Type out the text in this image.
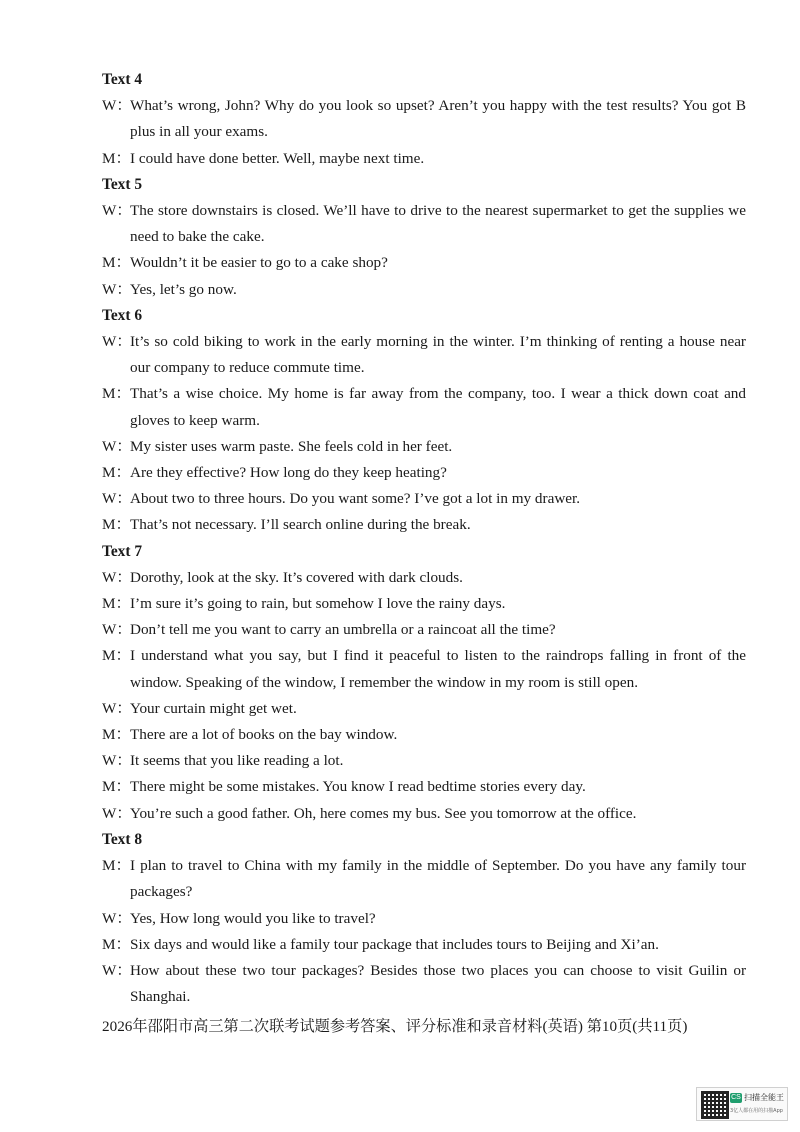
Text 4
W：
What’s wrong, John? Why do you look so upset? Aren’t you happy with the test results? You got B plus in all your exams.
M： I could have done better. Well, maybe next time.
Text 5
W：
The store downstairs is closed. We’ll have to drive to the nearest supermarket to get the supplies we need to bake the cake.
M： Wouldn’t it be easier to go to a cake shop?
W：
Yes, let’s go now.
Text 6
W：
It’s so cold biking to work in the early morning in the winter. I’m thinking of renting a house near our company to reduce commute time.
M： That’s a wise choice. My home is far away from the company, too. I wear a thick down coat and gloves to keep warm.
W：
My sister uses warm paste. She feels cold in her feet.
M： Are they effective? How long do they keep heating?
W：
About two to three hours. Do you want some? I’ve got a lot in my drawer.
M： That’s not necessary. I’ll search online during the break.
Text 7
W：
Dorothy, look at the sky. It’s covered with dark clouds.
M： I’m sure it’s going to rain, but somehow I love the rainy days.
W：
Don’t tell me you want to carry an umbrella or a raincoat all the time?
M： I understand what you say, but I find it peaceful to listen to the raindrops falling in front of the window. Speaking of the window, I remember the window in my room is still open.
W：
Your curtain might get wet.
M： There are a lot of books on the bay window.
W：
It seems that you like reading a lot.
M： There might be some mistakes. You know I read bedtime stories every day.
W：
You’re such a good father. Oh, here comes my bus. See you tomorrow at the office.
Text 8
M： I plan to travel to China with my family in the middle of September. Do you have any family tour packages?
W：
Yes, How long would you like to travel?
M： Six days and would like a family tour package that includes tours to Beijing and Xi’an.
W：
How about these two tour packages? Besides those two places you can choose to visit Guilin or Shanghai.
2026年邵阳市高三第二次联考试题参考答案、评分标准和录音材料(英语) 第10页(共11页)
CS 扫描全能王
3亿人都在用的扫描App
